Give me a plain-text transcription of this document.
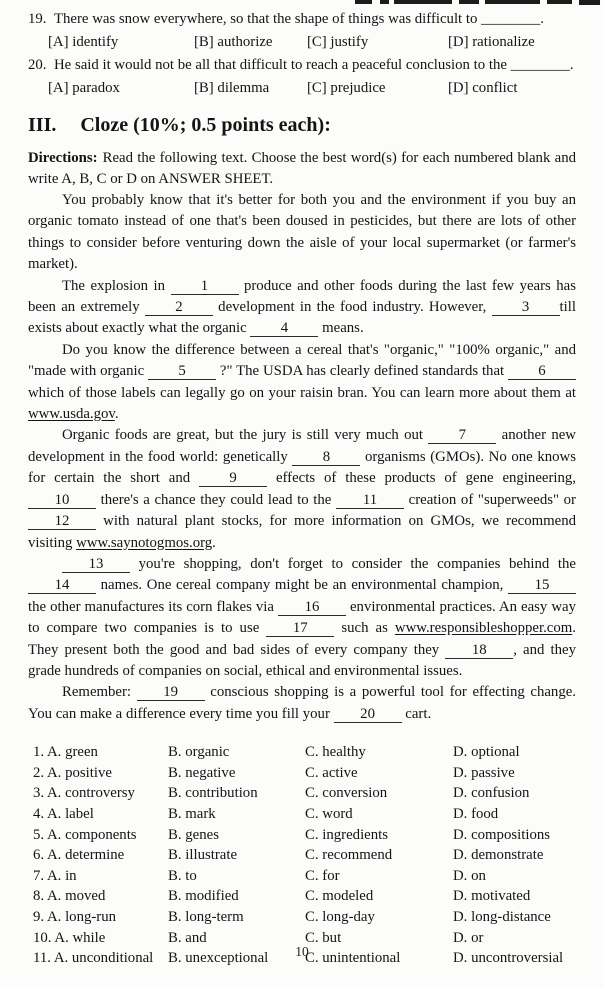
19. There was snow everywhere, so that the shape of things was difficult to ________.
[A] identify	[B] authorize	[C] justify	[D] rationalize
20. He said it would not be all that difficult to reach a peaceful conclusion to the ________.
[A] paradox	[B] dilemma	[C] prejudice	[D] conflict
III. Cloze (10%; 0.5 points each):

Directions: Read the following text. Choose the best word(s) for each numbered blank and write A, B, C or D on ANSWER SHEET.

You probably know that it's better for both you and the environment if you buy an organic tomato instead of one that's been doused in pesticides, but there are lots of other things to consider before venturing down the aisle of your local supermarket (or farmer's market).

The explosion in 1 produce and other foods during the last few years has been an extremely 2 development in the food industry. However, 3 till exists about exactly what the organic 4 means.

Do you know the difference between a cereal that's "organic," "100% organic," and "made with organic 5 ?" The USDA has clearly defined standards that 6 which of those labels can legally go on your raisin bran. You can learn more about them at www.usda.gov.

Organic foods are great, but the jury is still very much out 7 another new development in the food world: genetically 8 organisms (GMOs). No one knows for certain the short and 9 effects of these products of gene engineering, 10 there's a chance they could lead to the 11 creation of "superweeds" or 12 with natural plant stocks, for more information on GMOs, we recommend visiting www.saynotogmos.org.

13 you're shopping, don't forget to consider the companies behind the 14 names. One cereal company might be an environmental champion, 15 the other manufactures its corn flakes via 16 environmental practices. An easy way to compare two companies is to use 17 such as www.responsibleshopper.com. They present both the good and bad sides of every company they 18 , and they grade hundreds of companies on social, ethical and environmental issues.

Remember: 19 conscious shopping is a powerful tool for effecting change. You can make a difference every time you fill your 20 cart.

1. A. green	B. organic	C. healthy	D. optional
2. A. positive	B. negative	C. active	D. passive
3. A. controversy	B. contribution	C. conversion	D. confusion
4. A. label	B. mark	C. word	D. food
5. A. components	B. genes	C. ingredients	D. compositions
6. A. determine	B. illustrate	C. recommend	D. demonstrate
7. A. in	B. to	C. for	D. on
8. A. moved	B. modified	C. modeled	D. motivated
9. A. long-run	B. long-term	C. long-day	D. long-distance
10. A. while	B. and	C. but	D. or
11. A. unconditional B. unexceptional	C. unintentional	D. uncontroversial
10
